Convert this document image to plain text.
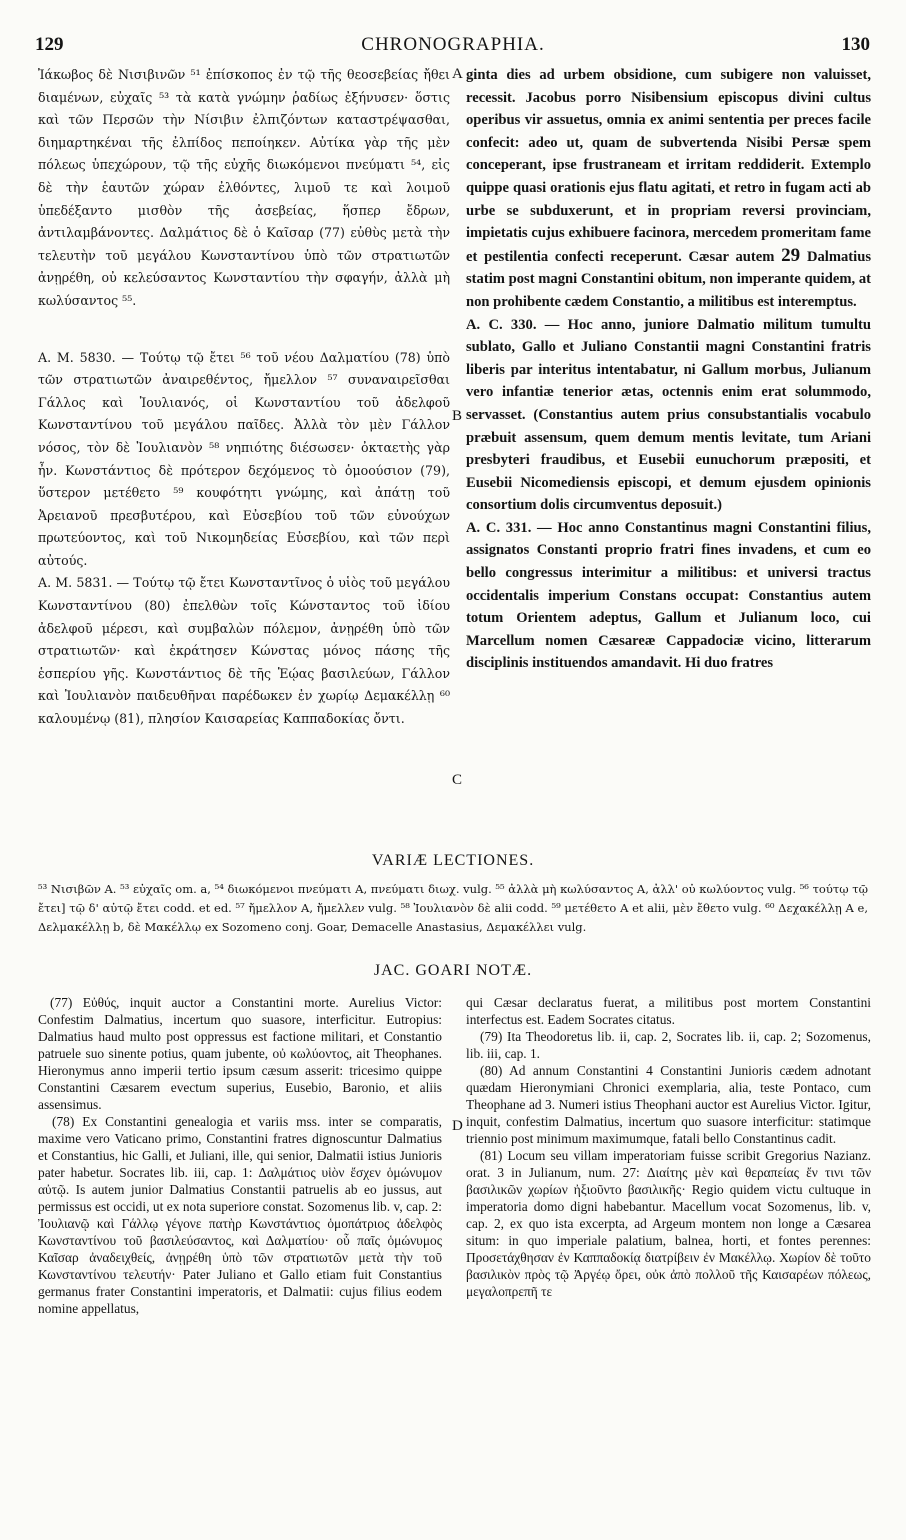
129	CHRONOGRAPHIA.	130
Ἰάκωβος δὲ Νισιβινῶν ⁵¹ ἐπίσκοπος ἐν τῷ τῆς θεοσεβείας ἤθει διαμένων, εὐχαῖς ⁵³ τὰ κατὰ γνώμην ῥαδίως ἐξήνυσεν· ὅστις καὶ τῶν Περσῶν τὴν Νίσιβιν ἐλπιζόντων καταστρέψασθαι, διημαρτηκέναι τῆς ἐλπίδος πεποίηκεν. Αὐτίκα γὰρ τῆς μὲν πόλεως ὑπεχώρουν, τῷ τῆς εὐχῆς διωκόμενοι πνεύματι ⁵⁴, εἰς δὲ τὴν ἑαυτῶν χώραν ἐλθόντες, λιμοῦ τε καὶ λοιμοῦ ὑπεδέξαντο μισθὸν τῆς ἀσεβείας, ἥσπερ ἔδρων, ἀντιλαμβάνοντες. Δαλμάτιος δὲ ὁ Καῖσαρ (77) εὐθὺς μετὰ τὴν τελευτὴν τοῦ μεγάλου Κωνσταντίνου ὑπὸ τῶν στρατιωτῶν ἀνῃρέθη, οὐ κελεύσαντος Κωνσταντίου τὴν σφαγήν, ἀλλὰ μὴ κωλύσαντος ⁵⁵.
A. M. 5830. — Τούτῳ τῷ ἔτει ⁵⁶ τοῦ νέου Δαλματίου (78) ὑπὸ τῶν στρατιωτῶν ἀναιρεθέντος, ἤμελλον ⁵⁷ συναναιρεῖσθαι Γάλλος καὶ Ἰουλιανός, οἱ Κωνσταντίου τοῦ ἀδελφοῦ Κωνσταντίνου τοῦ μεγάλου παῖδες. Ἀλλὰ τὸν μὲν Γάλλον νόσος, τὸν δὲ Ἰουλιανὸν ⁵⁸ νηπιότης διέσωσεν· ὀκταετὴς γὰρ ἦν. Κωνστάντιος δὲ πρότερον δεχόμενος τὸ ὁμοούσιον (79), ὕστερον μετέθετο ⁵⁹ κουφότητι γνώμης, καὶ ἀπάτῃ τοῦ Ἀρειανοῦ πρεσβυτέρου, καὶ Εὐσεβίου τοῦ τῶν εὐνούχων πρωτεύοντος, καὶ τοῦ Νικομηδείας Εὐσεβίου, καὶ τῶν περὶ αὐτούς.
A. M. 5831. — Τούτῳ τῷ ἔτει Κωνσταντῖνος ὁ υἱὸς τοῦ μεγάλου Κωνσταντίνου (80) ἐπελθὼν τοῖς Κώνσταντος τοῦ ἰδίου ἀδελφοῦ μέρεσι, καὶ συμβαλὼν πόλεμον, ἀνῃρέθη ὑπὸ τῶν στρατιωτῶν· καὶ ἐκράτησεν Κώνστας μόνος πάσης τῆς ἑσπερίου γῆς. Κωνστάντιος δὲ τῆς Ἑῴας βασιλεύων, Γάλλον καὶ Ἰουλιανὸν παιδευθῆναι παρέδωκεν ἐν χωρίῳ Δεμακέλλῃ ⁶⁰ καλουμένῳ (81), πλησίον Καισαρείας Καππαδοκίας ὄντι.
A
B
C
D
ginta dies ad urbem obsidione, cum subigere non valuisset, recessit. Jacobus porro Nisibensium episcopus divini cultus operibus vir assuetus, omnia ex animi sententia per preces facile confecit: adeo ut, quam de subvertenda Nisibi Persæ spem conceperant, ipse frustraneam et irritam reddiderit. Extemplo quippe quasi orationis ejus flatu agitati, et retro in fugam acti ab urbe se subduxerunt, et in propriam reversi provinciam, impietatis cujus exhibuere facinora, mercedem promeritam fame et pestilentia confecti receperunt. Cæsar autem 29 Dalmatius statim post magni Constantini obitum, non imperante quidem, at non prohibente cædem Constantio, a militibus est interemptus.
A. C. 330. — Hoc anno, juniore Dalmatio militum tumultu sublato, Gallo et Juliano Constantii magni Constantini fratris liberis par interitus intentabatur, ni Gallum morbus, Julianum vero infantiæ tenerior ætas, octennis enim erat solummodo, servasset. (Constantius autem prius consubstantialis vocabulo præbuit assensum, quem demum mentis levitate, tum Ariani presbyteri fraudibus, et Eusebii eunuchorum præpositi, et Eusebii Nicomediensis episcopi, et demum ejusdem opinionis consortium dolis circumventus deposuit.)
A. C. 331. — Hoc anno Constantinus magni Constantini filius, assignatos Constanti proprio fratri fines invadens, et cum eo bello congressus interimitur a militibus: et universi tractus occidentalis imperium Constans occupat: Constantius autem totum Orientem adeptus, Gallum et Julianum loco, cui Marcellum nomen Cæsareæ Cappadociæ vicino, litterarum disciplinis instituendos amandavit. Hi duo fratres
VARIÆ LECTIONES.
⁵³ Νισιβῶν A. ⁵³ εὐχαῖς om. a, ⁵⁴ διωκόμενοι πνεύματι A, πνεύματι διωχ. vulg. ⁵⁵ ἀλλὰ μὴ κωλύσαντος A, ἀλλ' οὐ κωλύοντος vulg. ⁵⁶ τούτῳ τῷ ἔτει] τῷ δ' αὐτῷ ἔτει codd. et ed. ⁵⁷ ἤμελλον A, ἤμελλεν vulg. ⁵⁸ Ἰουλιανὸν δὲ alii codd. ⁵⁹ μετέθετο A et alii, μὲν ἔθετο vulg. ⁶⁰ Δεχακέλλῃ A e, Δελμακέλλῃ b, δὲ Μακέλλῳ ex Sozomeno conj. Goar, Demacelle Anastasius, Δεμακέλλει vulg.
JAC. GOARI NOTÆ.

(77) Εὐθύς, inquit auctor a Constantini morte. Aurelius Victor: Confestim Dalmatius, incertum quo suasore, interficitur. Eutropius: Dalmatius haud multo post oppressus est factione militari, et Constantio patruele suo sinente potius, quam jubente, οὐ κωλύοντος, ait Theophanes. Hieronymus anno imperii tertio ipsum cæsum asserit: tricesimo quippe Constantini Cæsarem evectum superius, Eusebio, Baronio, et aliis assensimus.

(78) Ex Constantini genealogia et variis mss. inter se comparatis, maxime vero Vaticano primo, Constantini fratres dignoscuntur Dalmatius et Constantius, hic Galli, et Juliani, ille, qui senior, Dalmatii istius Junioris pater habetur. Socrates lib. iii, cap. 1: Δαλμάτιος υἱὸν ἔσχεν ὁμώνυμον αὐτῷ. Is autem junior Dalmatius Constantii patruelis ab eo jussus, aut permissus est occidi, ut ex nota superiore constat. Sozomenus lib. v, cap. 2: Ἰουλιανῷ καὶ Γάλλῳ γέγονε πατὴρ Κωνστάντιος ὁμοπάτριος ἀδελφὸς Κωνσταντίνου τοῦ βασιλεύσαντος, καὶ Δαλματίου· οὗ παῖς ὁμώνυμος Καῖσαρ ἀναδειχθείς, ἀνῃρέθη ὑπὸ τῶν στρατιωτῶν μετὰ τὴν τοῦ Κωνσταντίνου τελευτήν· Pater Juliano et Gallo etiam fuit Constantius germanus frater Constantini imperatoris, et Dalmatii: cujus filius eodem nomine appellatus,

qui Cæsar declaratus fuerat, a militibus post mortem Constantini interfectus est. Eadem Socrates citatus.

(79) Ita Theodoretus lib. ii, cap. 2, Socrates lib. ii, cap. 2; Sozomenus, lib. iii, cap. 1.

(80) Ad annum Constantini 4 Constantini Junioris cædem adnotant quædam Hieronymiani Chronici exemplaria, alia, teste Pontaco, cum Theophane ad 3. Numeri istius Theophani auctor est Aurelius Victor. Igitur, inquit, confestim Dalmatius, incertum quo suasore interficitur: statimque triennio post minimum maximumque, fatali bello Constantinus cadit.

(81) Locum seu villam imperatoriam fuisse scribit Gregorius Nazianz. orat. 3 in Julianum, num. 27: Διαίτης μὲν καὶ θεραπείας ἔν τινι τῶν βασιλικῶν χωρίων ἠξιοῦντο βασιλικῆς· Regio quidem victu cultuque in imperatoria domo digni habebantur. Macellum vocat Sozomenus, lib. v, cap. 2, ex quo ista excerpta, ad Argeum montem non longe a Cæsarea situm: in quo imperiale palatium, balnea, horti, et fontes perennes: Προσετάχθησαν ἐν Καππαδοκίᾳ διατρίβειν ἐν Μακέλλῳ. Χωρίον δὲ τοῦτο βασιλικὸν πρὸς τῷ Ἀργέῳ ὄρει, οὐκ ἀπὸ πολλοῦ τῆς Καισαρέων πόλεως, μεγαλοπρεπῆ τε
